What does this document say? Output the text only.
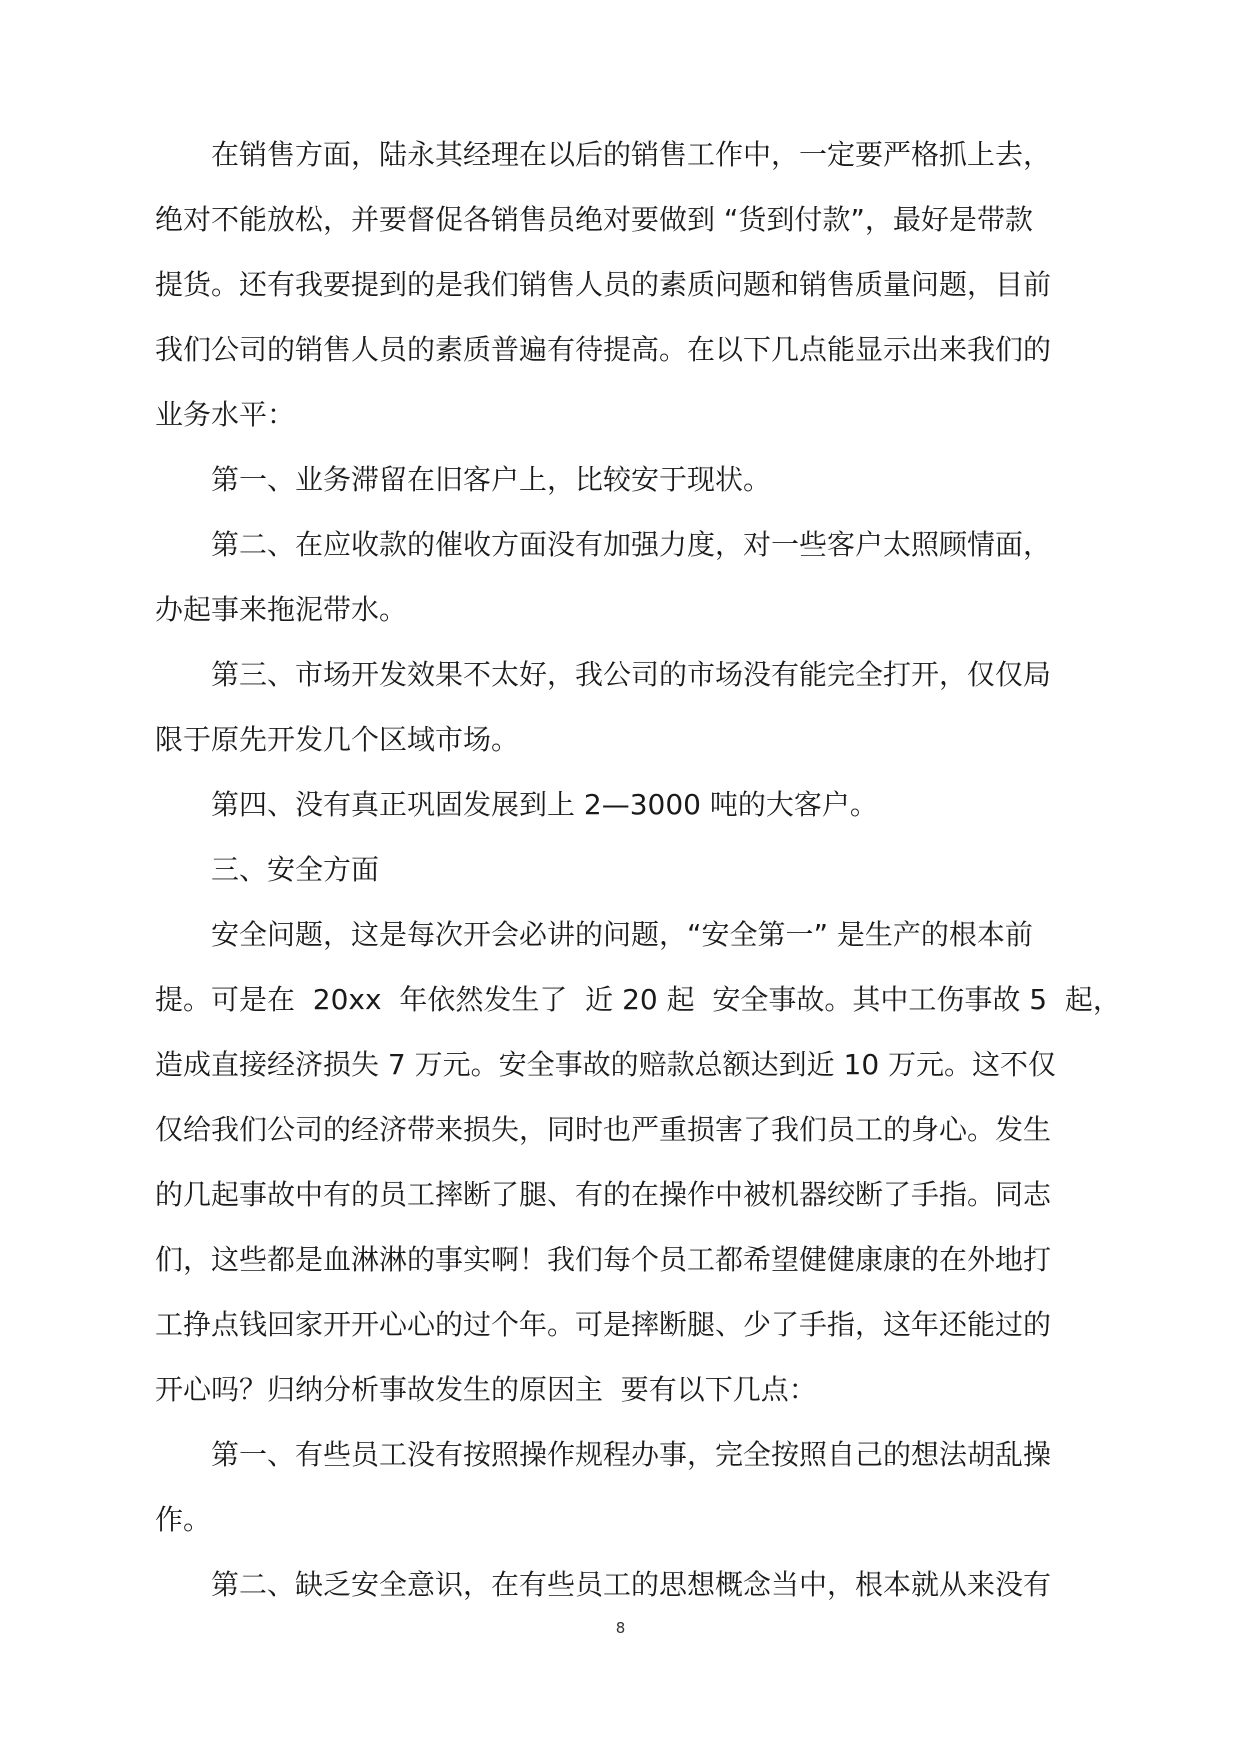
在销售方面，陆永其经理在以后的销售工作中，一定要严格抓上去，
绝对不能放松，并要督促各销售员绝对要做到 “货到付款”，最好是带款
提货。还有我要提到的是我们销售人员的素质问题和销售质量问题，目前
我们公司的销售人员的素质普遍有待提高。在以下几点能显示出来我们的
业务水平：
第一、业务滞留在旧客户上，比较安于现状。
第二、在应收款的催收方面没有加强力度，对一些客户太照顾情面，
办起事来拖泥带水。
第三、市场开发效果不太好，我公司的市场没有能完全打开，仅仅局
限于原先开发几个区域市场。
第四、没有真正巩固发展到上 2—3000 吨的大客户。
三、安全方面
安全问题，这是每次开会必讲的问题，“安全第一” 是生产的根本前
提。可是在  20xx  年依然发生了  近 20 起  安全事故。其中工伤事故 5  起，
造成直接经济损失 7 万元。安全事故的赔款总额达到近 10 万元。这不仅
仅给我们公司的经济带来损失，同时也严重损害了我们员工的身心。发生
的几起事故中有的员工摔断了腿、有的在操作中被机器绞断了手指。同志
们，这些都是血淋淋的事实啊！我们每个员工都希望健健康康的在外地打
工挣点钱回家开开心心的过个年。可是摔断腿、少了手指，这年还能过的
开心吗？归纳分析事故发生的原因主  要有以下几点：
第一、有些员工没有按照操作规程办事，完全按照自己的想法胡乱操
作。
第二、缺乏安全意识，在有些员工的思想概念当中，根本就从来没有
8
